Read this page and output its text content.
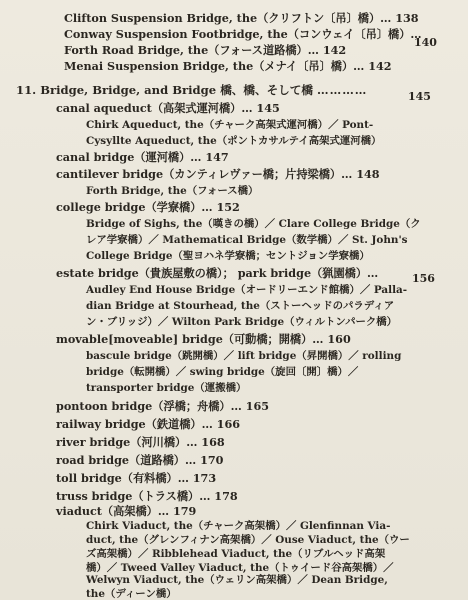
Clifton Suspension Bridge, the（クリフトン〔吊〕橋）… 138
Conway Suspension Footbridge, the（コンウェイ〔吊〕橋）…
140
Forth Road Bridge, the（フォース道路橋）… 142
Menai Suspension Bridge, the（メナイ〔吊〕橋）… 142
11. Bridge, Bridge, and Bridge 橋、橋、そして橋 …………	145
canal aqueduct（高架式運河橋）… 145
Chirk Aqueduct, the（チャーク高架式運河橋）／ Pont-
Cysyllte Aqueduct, the（ポントカサルテイ高架式運河橋）
canal bridge（運河橋）… 147
cantilever bridge（カンティレヴァー橋；片持梁橋）… 148
Forth Bridge, the（フォース橋）
college bridge（学寮橋）… 152
Bridge of Sighs, the（嘆きの橋）／ Clare College Bridge（ク
レア学寮橋）／ Mathematical Bridge（数学橋）／ St. John's
College Bridge（聖ヨハネ学寮橋；セントジョン学寮橋）
estate bridge（貴族屋敷の橋）； park bridge（猟園橋）…	156
Audley End House Bridge（オードリーエンド館橋）／ Palla-
dian Bridge at Stourhead, the（ストーヘッドのパラディア
ン・ブリッジ）／ Wilton Park Bridge（ウィルトンパーク橋）
movable[moveable] bridge（可動橋；開橋）… 160
bascule bridge（跳開橋）／ lift bridge（昇開橋）／ rolling
bridge（転開橋）／ swing bridge（旋回〔開〕橋）／
transporter bridge（運搬橋）
pontoon bridge（浮橋；舟橋）… 165
railway bridge（鉄道橋）… 166
river bridge（河川橋）… 168
road bridge（道路橋）… 170
toll bridge（有料橋）… 173
truss bridge（トラス橋）… 178
viaduct（高架橋）… 179
Chirk Viaduct, the（チャーク高架橋）／ Glenfinnan Via-
duct, the（グレンフィナン高架橋）／ Ouse Viaduct, the（ウー
ズ高架橋）／ Ribblehead Viaduct, the（リブルヘッド高架
橋）／ Tweed Valley Viaduct, the（トゥイード谷高架橋）／
Welwyn Viaduct, the（ウェリン高架橋）／ Dean Bridge,
the（ディーン橋）
